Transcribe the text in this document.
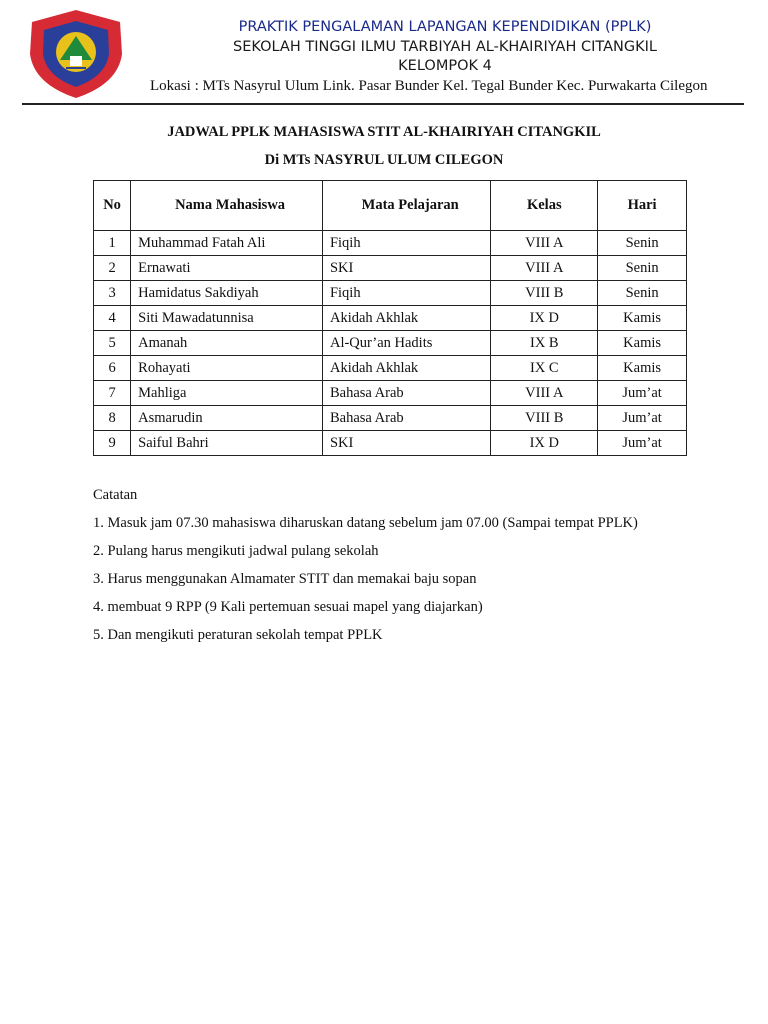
PRAKTIK PENGALAMAN LAPANGAN KEPENDIDIKAN (PPLK)
SEKOLAH TINGGI ILMU TARBIYAH AL-KHAIRIYAH CITANGKIL
KELOMPOK 4
Lokasi : MTs Nasyrul Ulum Link. Pasar Bunder Kel. Tegal Bunder Kec. Purwakarta Cilegon
JADWAL PPLK MAHASISWA STIT AL-KHAIRIYAH CITANGKIL
Di MTs NASYRUL ULUM CILEGON
No	Nama Mahasiswa	Mata Pelajaran	Kelas	Hari
1	Muhammad Fatah Ali	Fiqih	VIII A	Senin
2	Ernawati	SKI	VIII A	Senin
3	Hamidatus Sakdiyah	Fiqih	VIII B	Senin
4	Siti Mawadatunnisa	Akidah Akhlak	IX D	Kamis
5	Amanah	Al-Qur’an Hadits	IX B	Kamis
6	Rohayati	Akidah Akhlak	IX C	Kamis
7	Mahliga	Bahasa Arab	VIII A	Jum’at
8	Asmarudin	Bahasa Arab	VIII B	Jum’at
9	Saiful Bahri	SKI	IX D	Jum’at
Catatan
1. Masuk jam 07.30 mahasiswa diharuskan datang sebelum jam 07.00 (Sampai tempat PPLK)
2. Pulang harus mengikuti jadwal pulang sekolah
3. Harus menggunakan Almamater STIT dan memakai baju sopan
4. membuat 9 RPP (9 Kali pertemuan sesuai mapel yang diajarkan)
5. Dan mengikuti peraturan sekolah tempat PPLK
